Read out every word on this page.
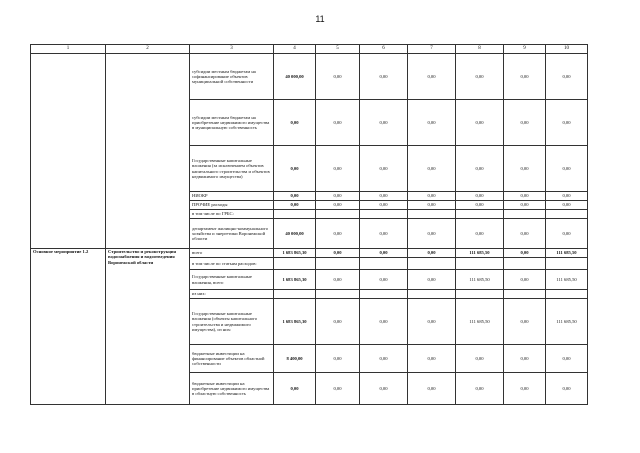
11
1	2	3	4	5	6	7	8	9	10
		субсидии местным бюджетам на софинансирование объектов муниципальной собственности	40 000,00	0,00	0,00	0,00	0,00	0,00	0,00
		субсидии местным бюджетам на приобретение недвижимого имущества в муниципальную собственность	0,00	0,00	0,00	0,00	0,00	0,00	0,00
		Государственные капитальные вложения (за исключением объектов капитального строительства и объектов недвижимого имущества)	0,00	0,00	0,00	0,00	0,00	0,00	0,00
		НИОКР	0,00	0,00	0,00	0,00	0,00	0,00	0,00
		ПРОЧИЕ расходы	0,00	0,00	0,00	0,00	0,00	0,00	0,00
		в том числе по ГРБС:							
		департамент жилищно-коммунального хозяйства и энергетики Воронежской области	40 000,00	0,00	0,00	0,00	0,00	0,00	0,00
Основное мероприятие 1.2	Строительство и реконструкция водоснабжения и водоотведения Воронежской области	всего	1 683 865,30	0,00	0,00	0,00	111 685,50	0,00	111 685,50
		в том числе по статьям расходов:							
		Государственные капитальные вложения, всего	1 683 865,30	0,00	0,00	0,00	111 685,50	0,00	111 685,50
		из них:							
		Государственные капитальные вложения (объекты капитального строительства и недвижимого имущества), из них:	1 683 865,30	0,00	0,00	0,00	111 685,50	0,00	111 685,50
		бюджетные инвестиции на финансирование объектов областной собственности	8 400,00	0,00	0,00	0,00	0,00	0,00	0,00
		бюджетные инвестиции на приобретение недвижимого имущества в областную собственность	0,00	0,00	0,00	0,00	0,00	0,00	0,00
